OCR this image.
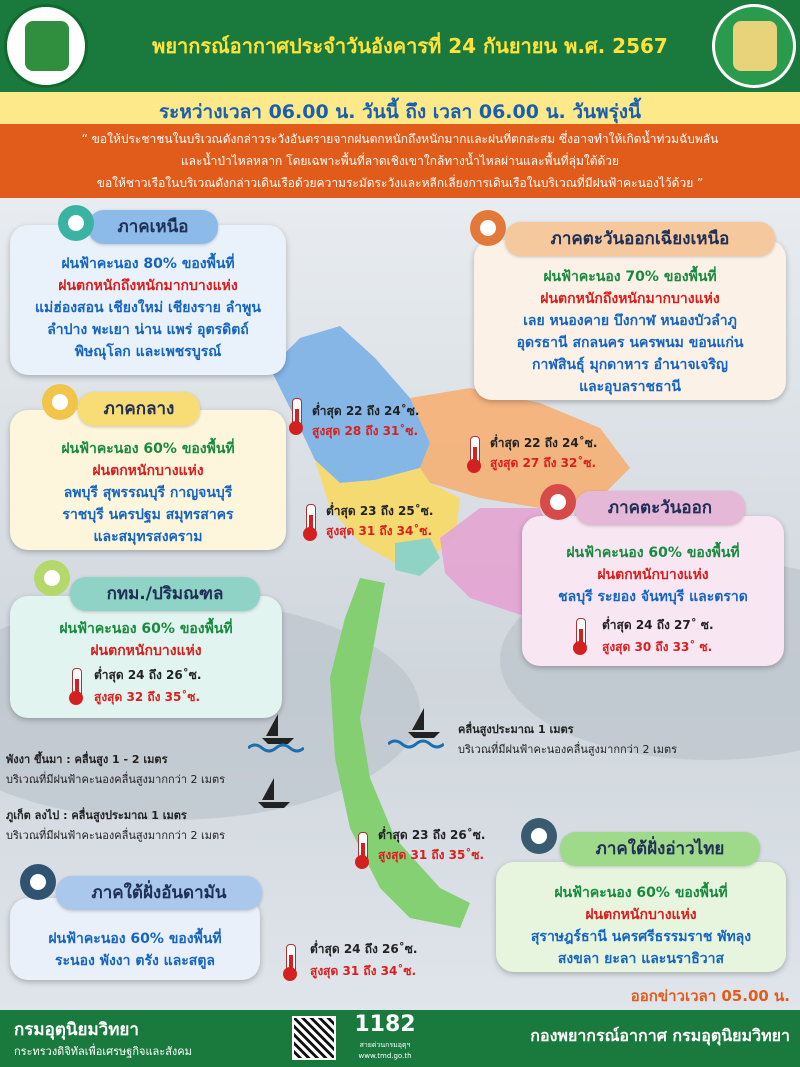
พยากรณ์อากาศประจำวันอังคารที่ 24 กันยายน พ.ศ. 2567
ระหว่างเวลา 06.00 น. วันนี้ ถึง เวลา 06.00 น. วันพรุ่งนี้
“ ขอให้ประชาชนในบริเวณดังกล่าวระวังอันตรายจากฝนตกหนักถึงหนักมากและฝนที่ตกสะสม ซึ่งอาจทำให้เกิดน้ำท่วมฉับพลัน
และน้ำป่าไหลหลาก โดยเฉพาะพื้นที่ลาดเชิงเขาใกล้ทางน้ำไหลผ่านและพื้นที่ลุ่มใต้ด้วย
ขอให้ชาวเรือในบริเวณดังกล่าวเดินเรือด้วยความระมัดระวังและหลีกเลี่ยงการเดินเรือในบริเวณที่มีฝนฟ้าคะนองไว้ด้วย ”
คลื่นสูงประมาณ 1 เมตร
บริเวณที่มีฝนฟ้าคะนองคลื่นสูงมากกว่า 2 เมตร
พังงา ขึ้นมา : คลื่นสูง 1 - 2 เมตร
บริเวณที่มีฝนฟ้าคะนองคลื่นสูงมากกว่า 2 เมตร
ภูเก็ต ลงไป : คลื่นสูงประมาณ 1 เมตร
บริเวณที่มีฝนฟ้าคะนองคลื่นสูงมากกว่า 2 เมตร
ฝนฟ้าคะนอง 80% ของพื้นที่
ฝนตกหนักถึงหนักมากบางแห่ง
แม่ฮ่องสอน เชียงใหม่ เชียงราย ลำพูน
ลำปาง พะเยา น่าน แพร่ อุตรดิตถ์
พิษณุโลก และเพชรบูรณ์
ภาคเหนือ
ต่ำสุด 22 ถึง 24˚ซ.
สูงสุด 28 ถึง 31˚ซ.
ฝนฟ้าคะนอง 70% ของพื้นที่
ฝนตกหนักถึงหนักมากบางแห่ง
เลย หนองคาย บึงกาฬ หนองบัวลำภู
อุดรธานี สกลนคร นครพนม ขอนแก่น
กาฬสินธุ์ มุกดาหาร อำนาจเจริญ
และอุบลราชธานี
ภาคตะวันออกเฉียงเหนือ
ต่ำสุด 22 ถึง 24˚ซ.
สูงสุด 27 ถึง 32˚ซ.
ฝนฟ้าคะนอง 60% ของพื้นที่
ฝนตกหนักบางแห่ง
ลพบุรี สุพรรณบุรี กาญจนบุรี
ราชบุรี นครปฐม สมุทรสาคร
และสมุทรสงคราม
ภาคกลาง
ต่ำสุด 23 ถึง 25˚ซ.
สูงสุด 31 ถึง 34˚ซ.
ฝนฟ้าคะนอง 60% ของพื้นที่
ฝนตกหนักบางแห่ง
ชลบุรี ระยอง จันทบุรี และตราด
ต่ำสุด 24 ถึง 27˚ ซ.
สูงสุด 30 ถึง 33˚ ซ.
ภาคตะวันออก
ฝนฟ้าคะนอง 60% ของพื้นที่
ฝนตกหนักบางแห่ง
ต่ำสุด 24 ถึง 26˚ซ.
สูงสุด 32 ถึง 35˚ซ.
กทม./ปริมณฑล
ฝนฟ้าคะนอง 60% ของพื้นที่
ฝนตกหนักบางแห่ง
สุราษฎร์ธานี นครศรีธรรมราช พัทลุง
สงขลา ยะลา และนราธิวาส
ภาคใต้ฝั่งอ่าวไทย
ต่ำสุด 23 ถึง 26˚ซ.
สูงสุด 31 ถึง 35˚ซ.
ฝนฟ้าคะนอง 60% ของพื้นที่
ระนอง พังงา ตรัง และสตูล
ภาคใต้ฝั่งอันดามัน
ต่ำสุด 24 ถึง 26˚ซ.
สูงสุด 31 ถึง 34˚ซ.
ออกข่าวเวลา 05.00 น.
กรมอุตุนิยมวิทยา
กระทรวงดิจิทัลเพื่อเศรษฐกิจและสังคม
1182
สายด่วนกรมอุตุฯ
www.tmd.go.th
กองพยากรณ์อากาศ กรมอุตุนิยมวิทยา
